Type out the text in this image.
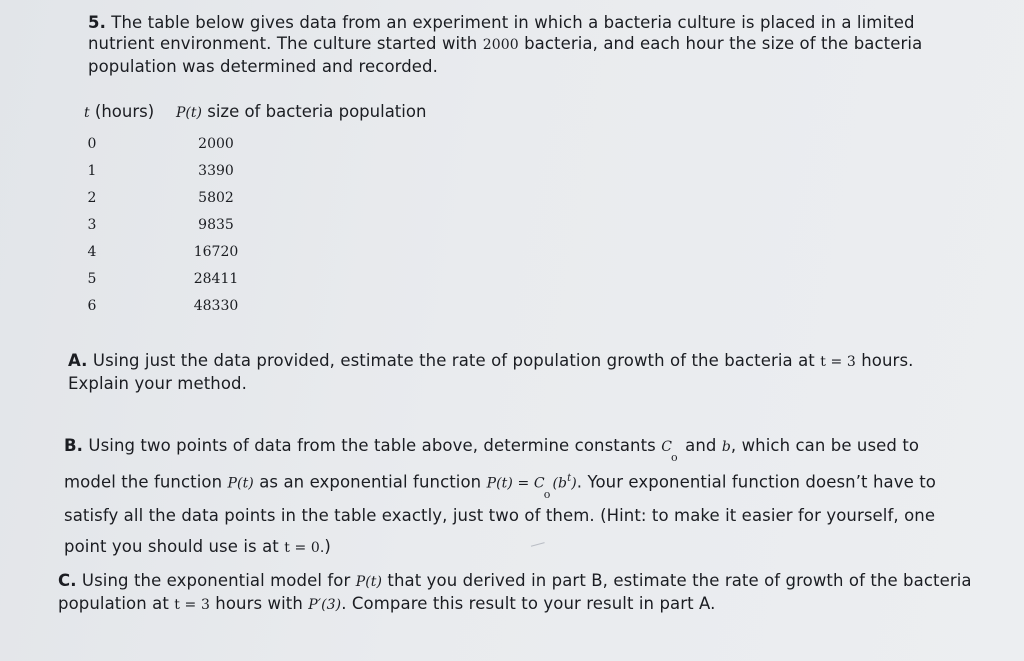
5. The table below gives data from an experiment in which a bacteria culture is placed in a limited nutrient environment. The culture started with 2000 bacteria, and each hour the size of the bacteria population was determined and recorded.

t (hours)	P(t) size of bacteria population
0	2000
1	3390
2	5802
3	9835
4	16720
5	28411
6	48330

A. Using just the data provided, estimate the rate of population growth of the bacteria at t = 3 hours. Explain your method.

B. Using two points of data from the table above, determine constants $C_o$ and b, which can be used to model the function P(t) as an exponential function $P(t) = C_o(b^t)$. Your exponential function doesn’t have to satisfy all the data points in the table exactly, just two of them. (Hint: to make it easier for yourself, one point you should use is at t = 0.)

C. Using the exponential model for P(t) that you derived in part B, estimate the rate of growth of the bacteria population at t = 3 hours with P′(3). Compare this result to your result in part A.
